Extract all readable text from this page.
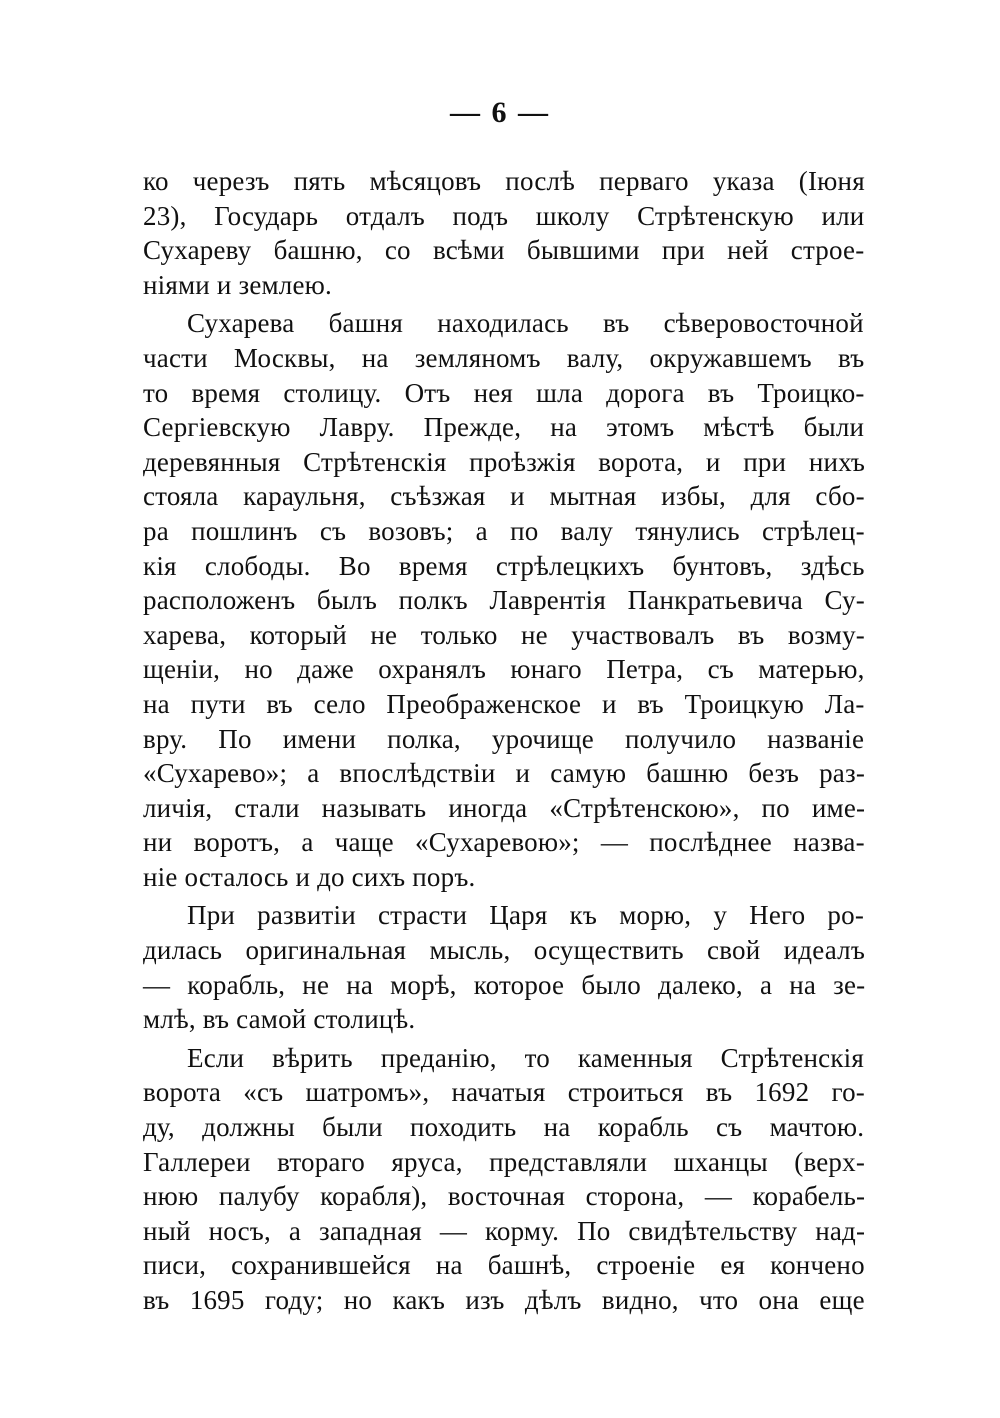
— 6 —
ко черезъ пять мѣсяцовъ послѣ перваго указа (Іюня
23), Государь отдалъ подъ школу Стрѣтенскую или
Сухареву башню, со всѣми бывшими при ней строе-
ніями и землею.
Сухарева башня находилась въ сѣверовосточной
части Москвы, на земляномъ валу, окружавшемъ въ
то время столицу. Отъ нея шла дорога въ Троицко-
Сергіевскую Лавру. Прежде, на этомъ мѣстѣ были
деревянныя Стрѣтенскія проѣзжія ворота, и при нихъ
стояла караульня, съѣзжая и мытная избы, для сбо-
ра пошлинъ съ возовъ; а по валу тянулись стрѣлец-
кія слободы. Во время стрѣлецкихъ бунтовъ, здѣсь
расположенъ былъ полкъ Лаврентія Панкратьевича Су-
харева, который не только не участвовалъ въ возму-
щеніи, но даже охранялъ юнаго Петра, съ матерью,
на пути въ село Преображенское и въ Троицкую Ла-
вру. По имени полка, урочище получило названіе
«Сухарево»; а впослѣдствіи и самую башню безъ раз-
личія, стали называть иногда «Стрѣтенскою», по име-
ни воротъ, а чаще «Сухаревою»; — послѣднее назва-
ніе осталось и до сихъ поръ.
При развитіи страсти Царя къ морю, у Него ро-
дилась оригинальная мысль, осуществить свой идеалъ
— корабль, не на морѣ, которое было далеко, а на зе-
млѣ, въ самой столицѣ.
Если вѣрить преданію, то каменныя Стрѣтенскія
ворота «съ шатромъ», начатыя строиться въ 1692 го-
ду, должны были походить на корабль съ мачтою.
Галлереи втораго яруса, представляли шханцы (верх-
нюю палубу корабля), восточная сторона, — корабель-
ный носъ, а западная — корму. По свидѣтельству над-
писи, сохранившейся на башнѣ, строеніе ея кончено
въ 1695 году; но какъ изъ дѣлъ видно, что она еще
